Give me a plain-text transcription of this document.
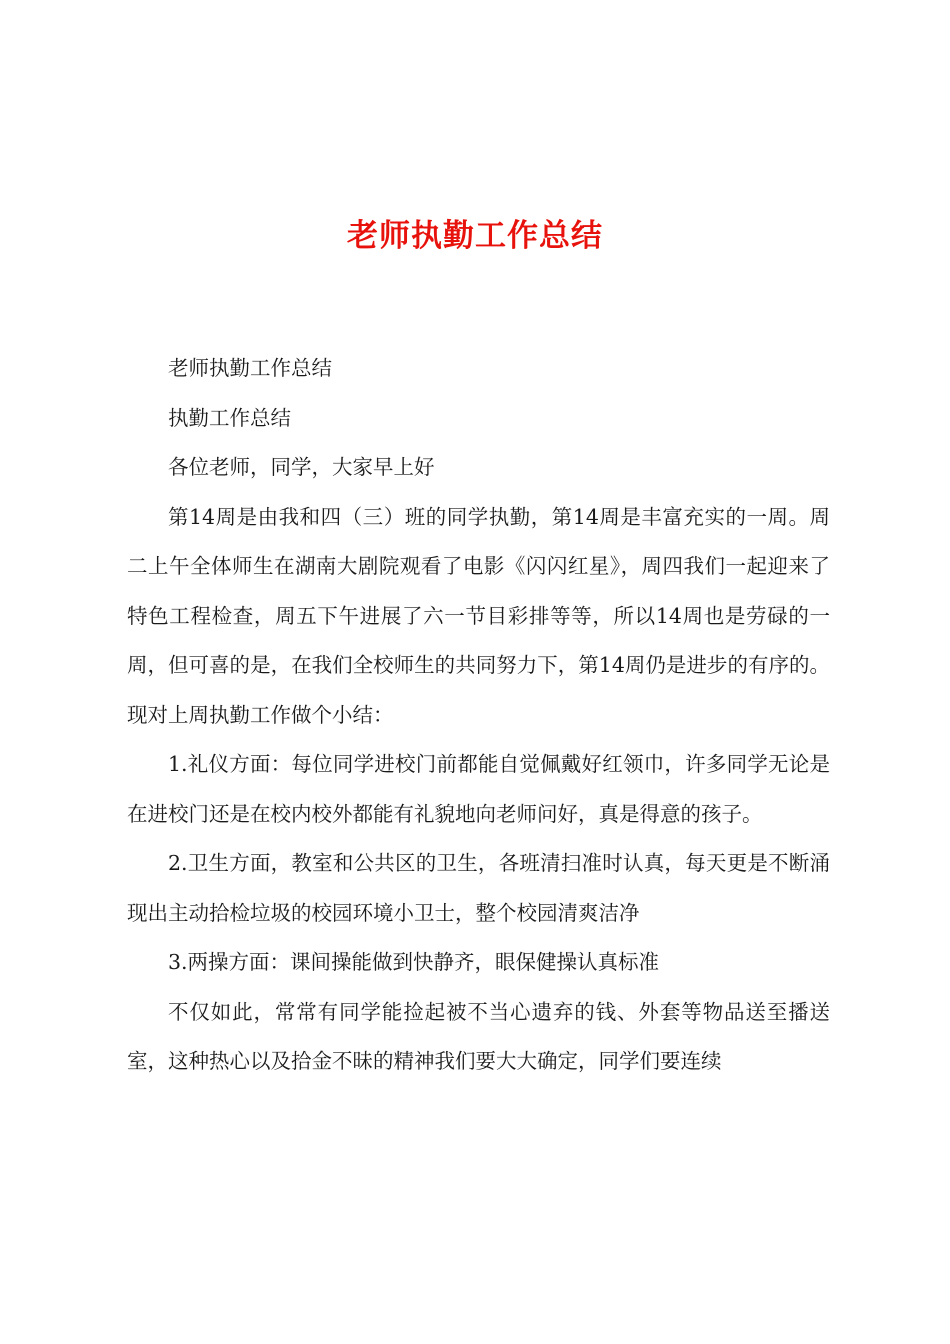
老师执勤工作总结

老师执勤工作总结

执勤工作总结

各位老师，同学，大家早上好

第14周是由我和四（三）班的同学执勤，第14周是丰富充实的一周。周二上午全体师生在湖南大剧院观看了电影《闪闪红星》，周四我们一起迎来了特色工程检查，周五下午进展了六一节目彩排等等，所以14周也是劳碌的一周，但可喜的是，在我们全校师生的共同努力下，第14周仍是进步的有序的。现对上周执勤工作做个小结：

1.礼仪方面：每位同学进校门前都能自觉佩戴好红领巾，许多同学无论是在进校门还是在校内校外都能有礼貌地向老师问好，真是得意的孩子。

2.卫生方面，教室和公共区的卫生，各班清扫准时认真，每天更是不断涌现出主动拾检垃圾的校园环境小卫士，整个校园清爽洁净

3.两操方面：课间操能做到快静齐，眼保健操认真标准

不仅如此，常常有同学能捡起被不当心遗弃的钱、外套等物品送至播送室，这种热心以及拾金不昧的精神我们要大大确定，同学们要连续
